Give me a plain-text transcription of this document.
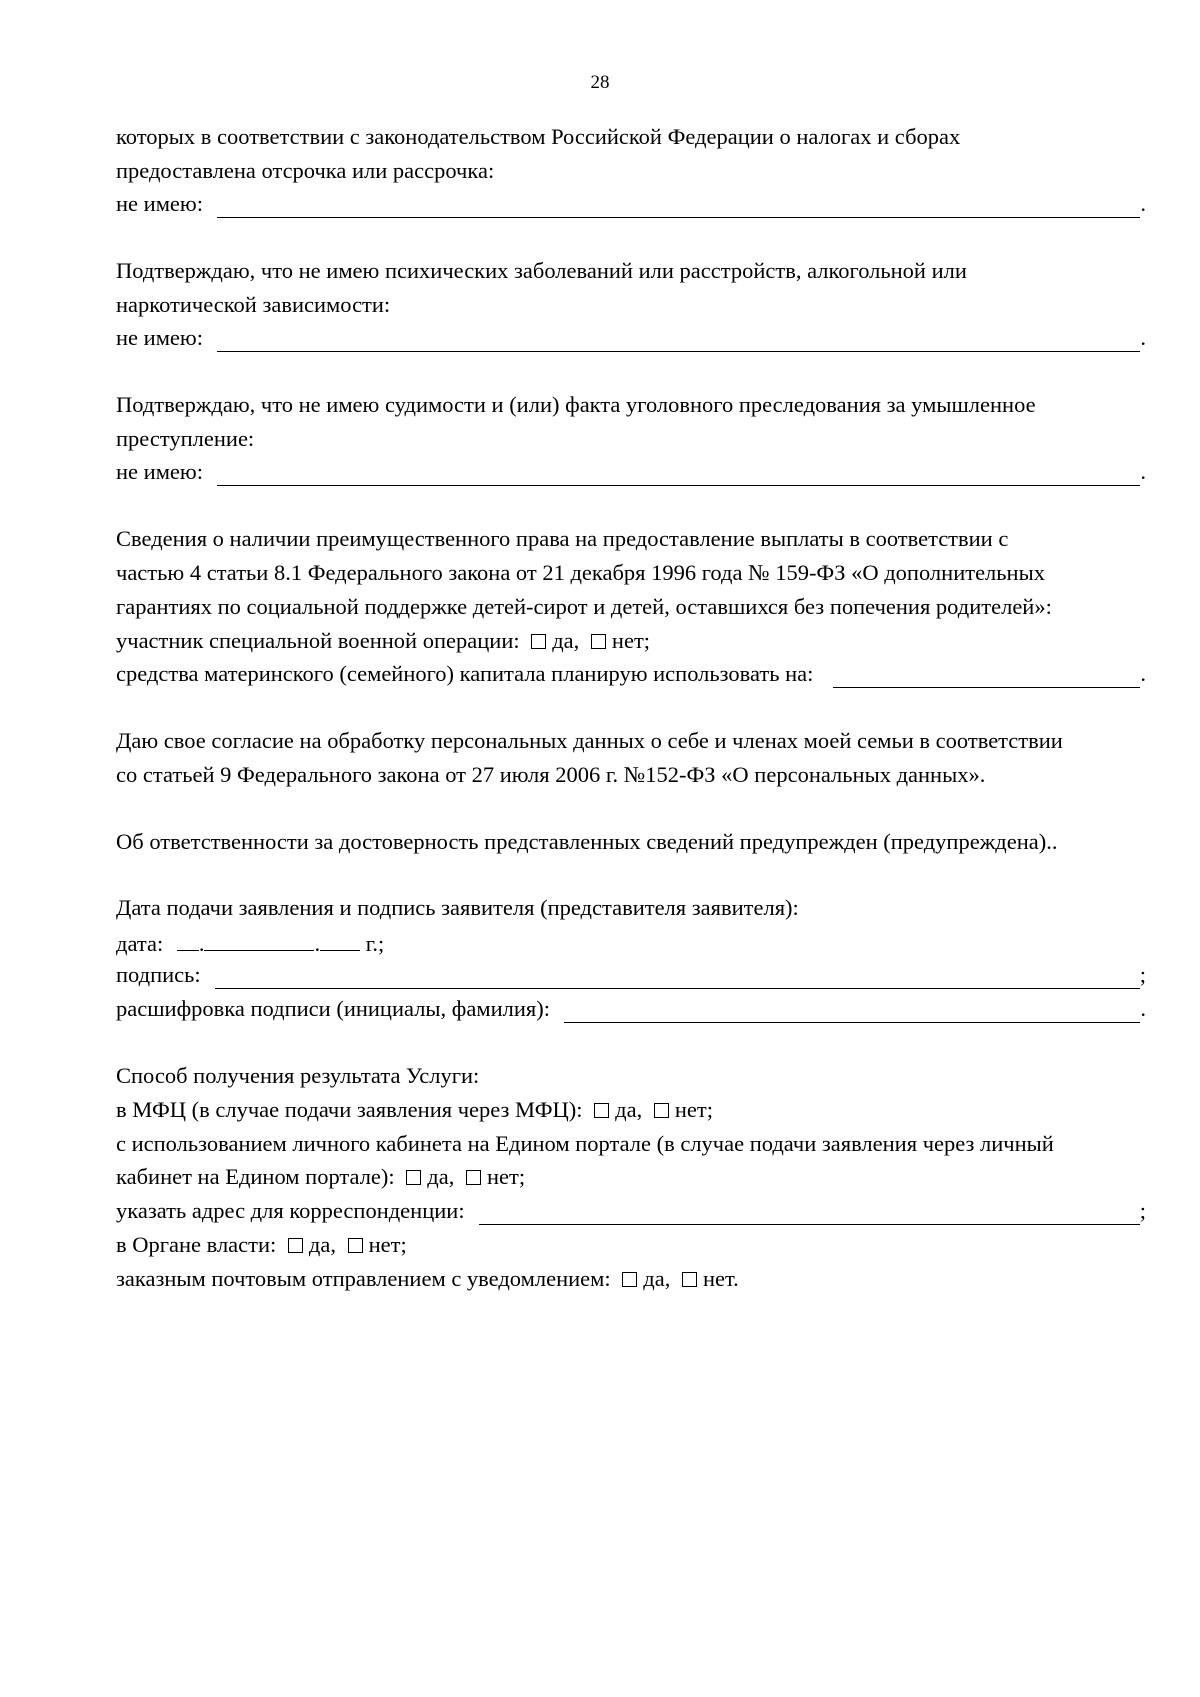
28
которых в соответствии с законодательством Российской Федерации о налогах и сборах
предоставлена отсрочка или рассрочка:
не имею:	.
Подтверждаю, что не имею психических заболеваний или расстройств, алкогольной или
наркотической зависимости:
не имею:	.
Подтверждаю, что не имею судимости и (или) факта уголовного преследования за умышленное
преступление:
не имею:	.
Сведения о наличии преимущественного права на предоставление выплаты в соответствии с
частью 4 статьи 8.1 Федерального закона от 21 декабря 1996 года № 159-ФЗ «О дополнительных
гарантиях по социальной поддержке детей-сирот и детей, оставшихся без попечения родителей»:
участник специальной военной операции: да, нет;
средства материнского (семейного) капитала планирую использовать на:	.
Даю свое согласие на обработку персональных данных о себе и членах моей семьи в соответствии
со статьей 9 Федерального закона от 27 июля 2006 г. №152-ФЗ «О персональных данных».
Об ответственности за достоверность представленных сведений предупрежден (предупреждена)..
Дата подачи заявления и подпись заявителя (представителя заявителя):
дата: .	. г.;
подпись:	;
расшифровка подписи (инициалы, фамилия):	.
Способ получения результата Услуги:
в МФЦ (в случае подачи заявления через МФЦ): да, нет;
с использованием личного кабинета на Едином портале (в случае подачи заявления через личный
кабинет на Едином портале): да, нет;
указать адрес для корреспонденции:	;
в Органе власти: да, нет;
заказным почтовым отправлением с уведомлением: да, нет.
